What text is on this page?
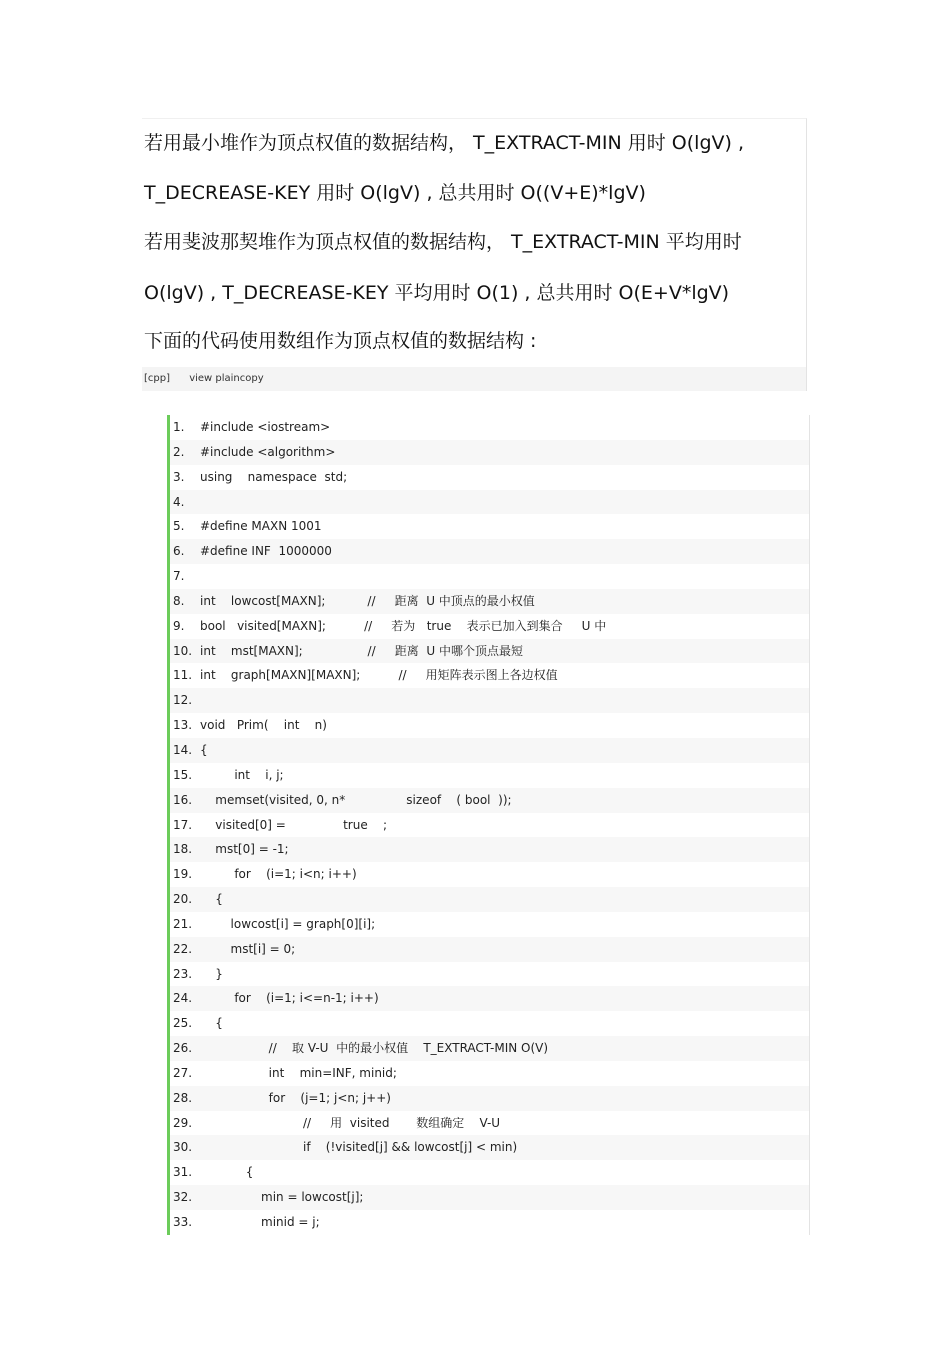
若用最小堆作为顶点权值的数据结构， T_EXTRACT-MIN 用时 O(lgV) ,
T_DECREASE-KEY 用时 O(lgV) , 总共用时 O((V+E)*lgV)
若用斐波那契堆作为顶点权值的数据结构， T_EXTRACT-MIN 平均用时
O(lgV) , T_DECREASE-KEY 平均用时 O(1) , 总共用时 O(E+V*lgV)
下面的代码使用数组作为顶点权值的数据结构 :
[cpp] view plaincopy
1.	#include <iostream>
2.	#include <algorithm>
3.	using    namespace  std;
4.
5.	#define MAXN 1001
6.	#define INF  1000000
7.
8.	int    lowcost[MAXN];           //     距离  U 中顶点的最小权值
9.	bool   visited[MAXN];          //     若为   true    表示已加入到集合     U 中
10. int    mst[MAXN];                 //     距离  U 中哪个顶点最短
11. int    graph[MAXN][MAXN];          //     用矩阵表示图上各边权值
12.
13. void   Prim(    int    n)
14. {
15. int    i, j;
16. memset(visited, 0, n*                sizeof    ( bool  ));
17. visited[0] =               true    ;
18. mst[0] = -1;
19. for    (i=1; i<n; i++)
20. {
21. lowcost[i] = graph[0][i];
22. mst[i] = 0;
23. }
24. for    (i=1; i<=n-1; i++)
25. {
26. //    取 V-U  中的最小权值    T_EXTRACT-MIN O(V)
27. int    min=INF, minid;
28. for    (j=1; j<n; j++)
29. //     用  visited       数组确定    V-U
30. if    (!visited[j] && lowcost[j] < min)
31. {
32. min = lowcost[j];
33. minid = j;
